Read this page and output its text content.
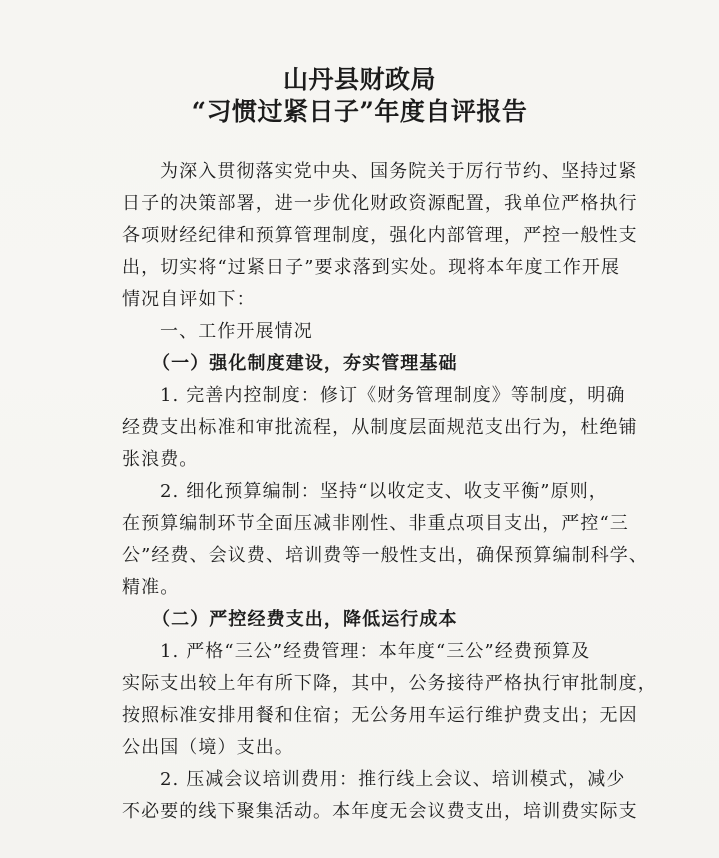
山丹县财政局
“习惯过紧日子”年度自评报告
为深入贯彻落实党中央、国务院关于厉行节约、坚持过紧
日子的决策部署，进一步优化财政资源配置，我单位严格执行
各项财经纪律和预算管理制度，强化内部管理，严控一般性支
出，切实将“过紧日子”要求落到实处。现将本年度工作开展
情况自评如下：
一、工作开展情况
（一）强化制度建设，夯实管理基础
1. 完善内控制度：修订《财务管理制度》等制度，明确
经费支出标准和审批流程，从制度层面规范支出行为，杜绝铺
张浪费。
2. 细化预算编制：坚持“以收定支、收支平衡”原则，
在预算编制环节全面压减非刚性、非重点项目支出，严控“三
公”经费、会议费、培训费等一般性支出，确保预算编制科学、
精准。
（二）严控经费支出，降低运行成本
1. 严格“三公”经费管理：本年度“三公”经费预算及
实际支出较上年有所下降，其中，公务接待严格执行审批制度，
按照标准安排用餐和住宿；无公务用车运行维护费支出；无因
公出国（境）支出。
2. 压减会议培训费用：推行线上会议、培训模式，减少
不必要的线下聚集活动。本年度无会议费支出，培训费实际支
